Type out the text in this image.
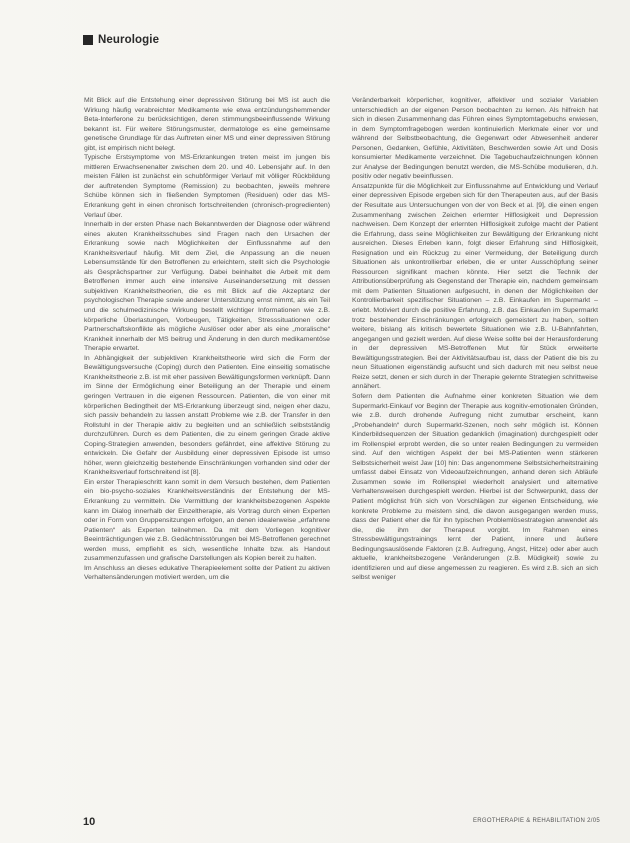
Neurologie

Mit Blick auf die Entstehung einer depressiven Störung bei MS ist auch die Wirkung häufig verabreichter Medikamente wie etwa entzündungshemmender Beta-Interferone zu berücksichtigen, deren stimmungsbeeinflussende Wirkung bekannt ist. Für weitere Störungsmuster, dermatologe es eine gemeinsame genetische Grundlage für das Auftreten einer MS und einer depressiven Störung gibt, ist empirisch nicht belegt.

Typische Erstsymptome von MS-Erkrankungen treten meist im jungen bis mittleren Erwachsenenalter zwischen dem 20. und 40. Lebensjahr auf. In den meisten Fällen ist zunächst ein schubförmiger Verlauf mit völliger Rückbildung der auftretenden Symptome (Remission) zu beobachten, jeweils mehrere Schübe können sich in fließenden Symptomen (Residuen) oder das MS-Erkrankung geht in einen chronisch fortschreitenden (chronisch-progredienten) Verlauf über.

Innerhalb in der ersten Phase nach Bekanntwerden der Diagnose oder während eines akuten Krankheitsschubes sind Fragen nach den Ursachen der Erkrankung sowie nach Möglichkeiten der Einflussnahme auf den Krankheitsverlauf häufig. Mit dem Ziel, die Anpassung an die neuen Lebensumstände für den Betroffenen zu erleichtern, stellt sich die Psychologie als Gesprächspartner zur Verfügung. Dabei beinhaltet die Arbeit mit dem Betroffenen immer auch eine intensive Auseinandersetzung mit dessen subjektiven Krankheitstheorien, die es mit Blick auf die Akzeptanz der psychologischen Therapie sowie anderer Unterstützung ernst nimmt, als ein Teil und die schulmedizinische Wirkung bestellt wichtiger Informationen wie z.B. körperliche Überlastungen, Vorbeugen, Tätigkeiten, Stresssituationen oder Partnerschaftskonflikte als mögliche Auslöser oder aber als eine „moralische“ Krankheit innerhalb der MS beitrug und Änderung in den durch medikamentöse Therapie erwartet.

In Abhängigkeit der subjektiven Krankheitstheorie wird sich die Form der Bewältigungsversuche (Coping) durch den Patienten. Eine einseitig somatische Krankheitstheorie z.B. ist mit eher passiven Bewältigungsformen verknüpft. Dann im Sinne der Ermöglichung einer Beteiligung an der Therapie und einem geringen Vertrauen in die eigenen Ressourcen. Patienten, die von einer mit körperlichen Bedingtheit der MS-Erkrankung überzeugt sind, neigen eher dazu, sich passiv behandeln zu lassen anstatt Probleme wie z.B. der Transfer in den Rollstuhl in der Therapie aktiv zu begleiten und an schließlich selbstständig durchzuführen. Durch es dem Patienten, die zu einem geringen Grade aktive Coping-Strategien anwenden, besonders gefährdet, eine affektive Störung zu entwickeln. Die Gefahr der Ausbildung einer depressiven Episode ist umso höher, wenn gleichzeitig bestehende Einschränkungen vorhanden sind oder der Krankheitsverlauf fortschreitend ist [8].

Ein erster Therapieschritt kann somit in dem Versuch bestehen, dem Patienten ein bio-psycho-soziales Krankheitsverständnis der Entstehung der MS-Erkrankung zu vermitteln. Die Vermittlung der krankheitsbezogenen Aspekte kann im Dialog innerhalb der Einzeltherapie, als Vortrag durch einen Experten oder in Form von Gruppensitzungen erfolgen, an denen idealerweise „erfahrene Patienten“ als Experten teilnehmen. Da mit dem Vorliegen kognitiver Beeinträchtigungen wie z.B. Gedächtnisstörungen bei MS-Betroffenen gerechnet werden muss, empfiehlt es sich, wesentliche Inhalte bzw. als Handout zusammenzufassen und grafische Darstellungen als Kopien bereit zu halten.

Im Anschluss an dieses edukative Therapieelement sollte der Patient zu aktiven Verhaltensänderungen motiviert werden, um die

Veränderbarkeit körperlicher, kognitiver, affektiver und sozialer Variablen unterschiedlich an der eigenen Person beobachten zu lernen. Als hilfreich hat sich in diesen Zusammenhang das Führen eines Symptomtagebuchs erwiesen, in dem Symptomfragebogen werden kontinuierlich Merkmale einer vor und während der Selbstbeobachtung, die Gegenwart oder Abwesenheit anderer Personen, Gedanken, Gefühle, Aktivitäten, Beschwerden sowie Art und Dosis konsumierter Medikamente verzeichnet. Die Tagebuchaufzeichnungen können zur Analyse der Bedingungen benutzt werden, die MS-Schübe modulieren, d.h. positiv oder negativ beeinflussen.

Ansatzpunkte für die Möglichkeit zur Einflussnahme auf Entwicklung und Verlauf einer depressiven Episode ergeben sich für den Therapeuten aus, auf der Basis der Resultate aus Untersuchungen von der von Beck et al. [9], die einen engen Zusammenhang zwischen Zeichen erlernter Hilflosigkeit und Depression nachweisen. Dem Konzept der erlernten Hilflosigkeit zufolge macht der Patient die Erfahrung, dass seine Möglichkeiten zur Bewältigung der Erkrankung nicht ausreichen. Dieses Erleben kann, folgt dieser Erfahrung sind Hilflosigkeit, Resignation und ein Rückzug zu einer Vermeidung, der Beteiligung durch Situationen als unkontrollierbar erleben, die er unter Ausschöpfung seiner Ressourcen signifikant machen könnte. Hier setzt die Technik der Attributionsüberprüfung als Gegenstand der Therapie ein, nachdem gemeinsam mit dem Patienten Situationen aufgesucht, in denen der Möglichkeiten der Kontrollierbarkeit spezifischer Situationen – z.B. Einkaufen im Supermarkt – erlebt. Motiviert durch die positive Erfahrung, z.B. das Einkaufen im Supermarkt trotz bestehender Einschränkungen erfolgreich gemeistert zu haben, sollten weitere, bislang als kritisch bewertete Situationen wie z.B. U-Bahnfahrten, angegangen und gezielt werden. Auf diese Weise sollte bei der Herausforderung in der depressiven MS-Betroffenen Mut für Stück erweiterte Bewältigungsstrategien. Bei der Aktivitätsaufbau ist, dass der Patient die bis zu neun Situationen eigenständig aufsucht und sich dadurch mit neu selbst neue Reize setzt, denen er sich durch in der Therapie gelernte Strategien schrittweise annähert.

Sofern dem Patienten die Aufnahme einer konkreten Situation wie dem Supermarkt-Einkauf vor Beginn der Therapie aus kognitiv-emotionalen Gründen, wie z.B. durch drohende Aufregung nicht zumutbar erscheint, kann „Probehandeln“ durch Supermarkt-Szenen, noch sehr möglich ist. Können Kinderbildsequenzen der Situation gedanklich (imagination) durchgespielt oder im Rollenspiel erprobt werden, die so unter realen Bedingungen zu vermeiden sind. Auf den wichtigen Aspekt der bei MS-Patienten wenn stärkeren Selbstsicherheit weist Jaw [10] hin: Das angenommene Selbstsicherheitstraining umfasst dabei Einsatz von Videoaufzeichnungen, anhand deren sich Abläufe Zusammen sowie im Rollenspiel wiederholt analysiert und alternative Verhaltensweisen durchgespielt werden. Hierbei ist der Schwerpunkt, dass der Patient möglichst früh sich von Vorschlägen zur eigenen Entscheidung, wie konkrete Probleme zu meistern sind, die davon ausgegangen werden muss, dass der Patient eher die für ihn typischen Problemlösestrategien anwendet als die, die ihm der Therapeut vorgibt. Im Rahmen eines Stressbewältigungstrainings lernt der Patient, innere und äußere Bedingungsauslösende Faktoren (z.B. Aufregung, Angst, Hitze) oder aber auch aktuelle, krankheitsbezogene Veränderungen (z.B. Müdigkeit) sowie zu identifizieren und auf diese angemessen zu reagieren. Es wird z.B. sich an sich selbst weniger

10	ERGOTHERAPIE & REHABILITATION 2/05
